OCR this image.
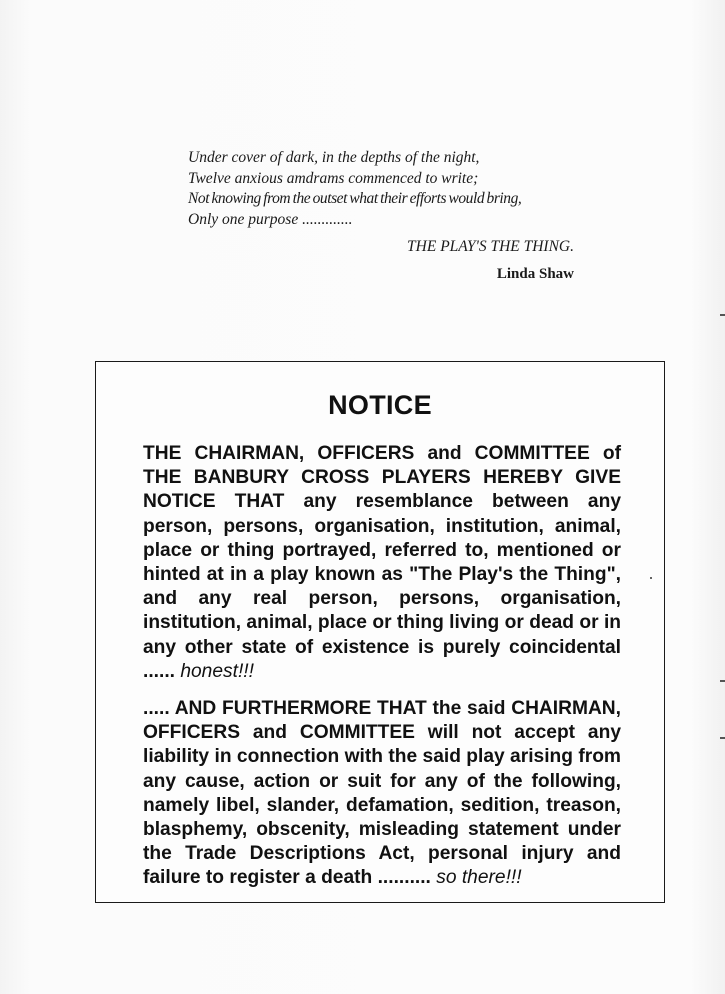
Under cover of dark, in the depths of the night,
Twelve anxious amdrams commenced to write;
Not knowing from the outset what their efforts would bring,
Only one purpose .............
THE PLAY'S THE THING.
Linda Shaw
NOTICE

THE CHAIRMAN, OFFICERS and COMMITTEE of
THE BANBURY CROSS PLAYERS HEREBY GIVE
NOTICE THAT any resemblance between any
person, persons, organisation, institution, animal,
place or thing portrayed, referred to, mentioned or
hinted at in a play known as "The Play's the Thing",
and any real person, persons, organisation,
institution, animal, place or thing living or dead or in
any other state of existence is purely coincidental

...... honest!!!

..... AND FURTHERMORE THAT the said CHAIRMAN,
OFFICERS and COMMITTEE will not accept any
liability in connection with the said play arising from
any cause, action or suit for any of the following,
namely libel, slander, defamation, sedition, treason,
blasphemy, obscenity, misleading statement under
the Trade Descriptions Act, personal injury and

failure to register a death .......... so there!!!
